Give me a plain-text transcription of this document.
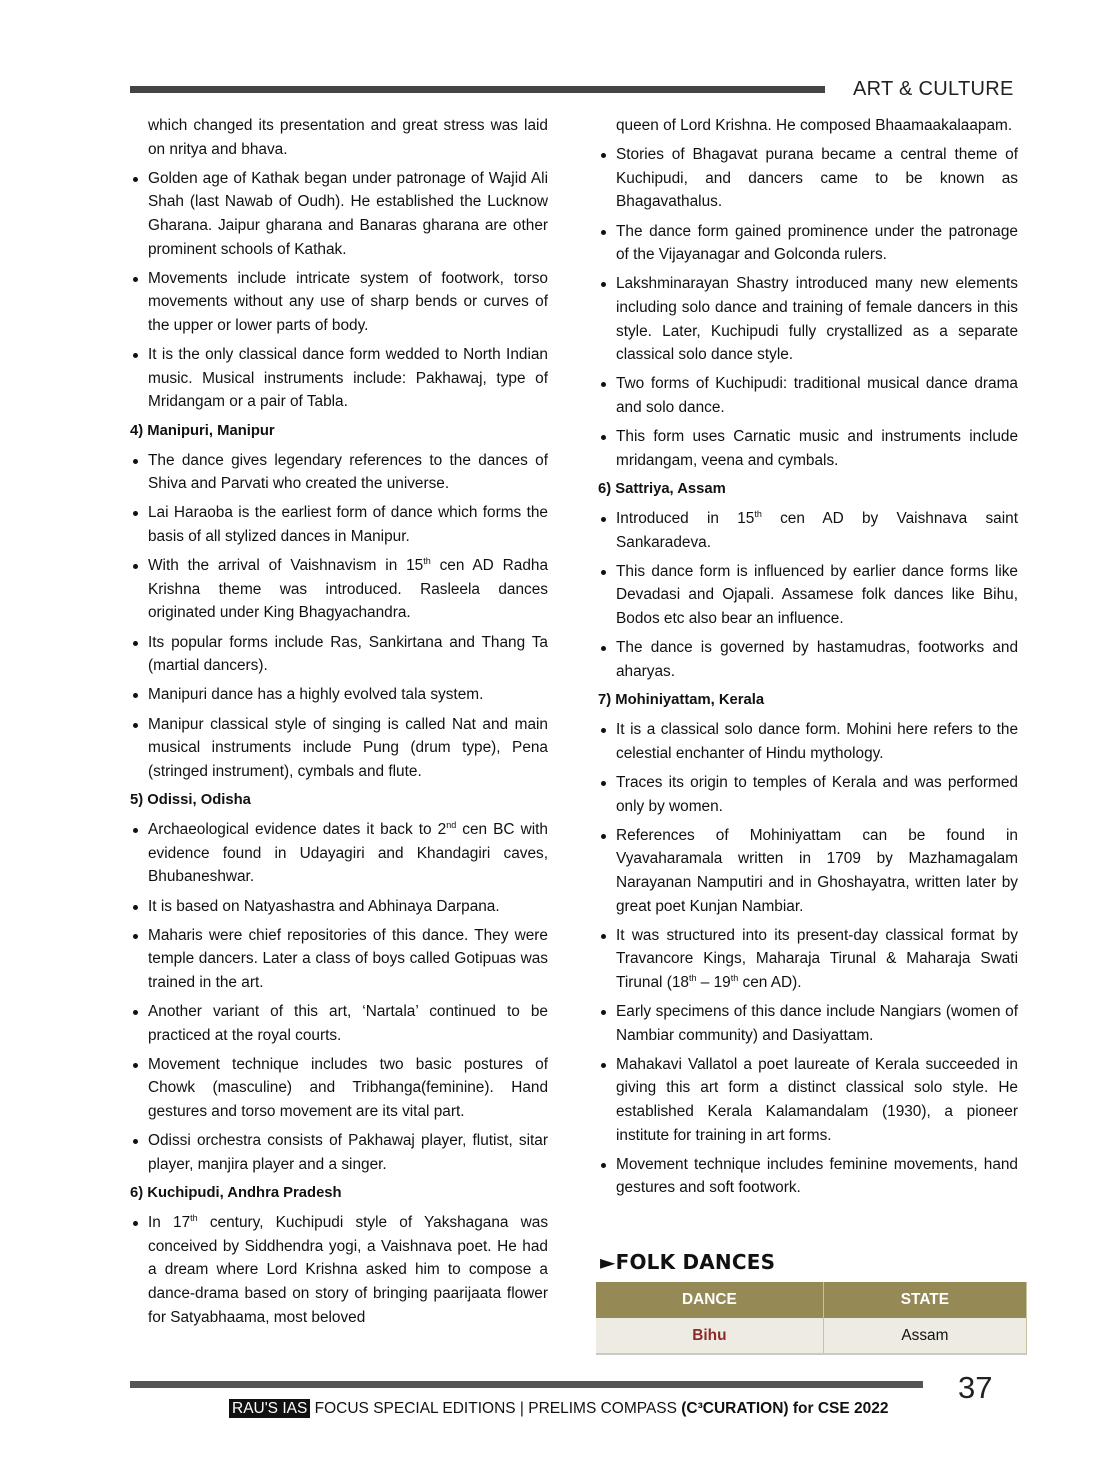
ART & CULTURE

which changed its presentation and great stress was laid on nritya and bhava.

Golden age of Kathak began under patronage of Wajid Ali Shah (last Nawab of Oudh). He established the Lucknow Gharana. Jaipur gharana and Banaras gharana are other prominent schools of Kathak.

Movements include intricate system of footwork, torso movements without any use of sharp bends or curves of the upper or lower parts of body.

It is the only classical dance form wedded to North Indian music. Musical instruments include: Pakhawaj, type of Mridangam or a pair of Tabla.

4) Manipuri, Manipur

The dance gives legendary references to the dances of Shiva and Parvati who created the universe.

Lai Haraoba is the earliest form of dance which forms the basis of all stylized dances in Manipur.

With the arrival of Vaishnavism in 15th cen AD Radha Krishna theme was introduced. Rasleela dances originated under King Bhagyachandra.

Its popular forms include Ras, Sankirtana and Thang Ta (martial dancers).

Manipuri dance has a highly evolved tala system.

Manipur classical style of singing is called Nat and main musical instruments include Pung (drum type), Pena (stringed instrument), cymbals and flute.

5) Odissi, Odisha

Archaeological evidence dates it back to 2nd cen BC with evidence found in Udayagiri and Khandagiri caves, Bhubaneshwar.

It is based on Natyashastra and Abhinaya Darpana.

Maharis were chief repositories of this dance. They were temple dancers. Later a class of boys called Gotipuas was trained in the art.

Another variant of this art, ‘Nartala’ continued to be practiced at the royal courts.

Movement technique includes two basic postures of Chowk (masculine) and Tribhanga(feminine). Hand gestures and torso movement are its vital part.

Odissi orchestra consists of Pakhawaj player, flutist, sitar player, manjira player and a singer.

6) Kuchipudi, Andhra Pradesh

In 17th century, Kuchipudi style of Yakshagana was conceived by Siddhendra yogi, a Vaishnava poet. He had a dream where Lord Krishna asked him to compose a dance-drama based on story of bringing paarijaata flower for Satyabhaama, most beloved

queen of Lord Krishna. He composed Bhaamaakalaapam.

Stories of Bhagavat purana became a central theme of Kuchipudi, and dancers came to be known as Bhagavathalus.

The dance form gained prominence under the patronage of the Vijayanagar and Golconda rulers.

Lakshminarayan Shastry introduced many new elements including solo dance and training of female dancers in this style. Later, Kuchipudi fully crystallized as a separate classical solo dance style.

Two forms of Kuchipudi: traditional musical dance drama and solo dance.

This form uses Carnatic music and instruments include mridangam, veena and cymbals.

6) Sattriya, Assam

Introduced in 15th cen AD by Vaishnava saint Sankaradeva.

This dance form is influenced by earlier dance forms like Devadasi and Ojapali. Assamese folk dances like Bihu, Bodos etc also bear an influence.

The dance is governed by hastamudras, footworks and aharyas.

7) Mohiniyattam, Kerala

It is a classical solo dance form. Mohini here refers to the celestial enchanter of Hindu mythology.

Traces its origin to temples of Kerala and was performed only by women.

References of Mohiniyattam can be found in Vyavaharamala written in 1709 by Mazhamagalam Narayanan Namputiri and in Ghoshayatra, written later by great poet Kunjan Nambiar.

It was structured into its present-day classical format by Travancore Kings, Maharaja Tirunal & Maharaja Swati Tirunal (18th – 19th cen AD).

Early specimens of this dance include Nangiars (women of Nambiar community) and Dasiyattam.

Mahakavi Vallatol a poet laureate of Kerala succeeded in giving this art form a distinct classical solo style. He established Kerala Kalamandalam (1930), a pioneer institute for training in art forms.

Movement technique includes feminine movements, hand gestures and soft footwork.

►FOLK DANCES
DANCE	STATE
Bihu	Assam
37
RAU'S IAS FOCUS SPECIAL EDITIONS | PRELIMS COMPASS (C³CURATION) for CSE 2022
